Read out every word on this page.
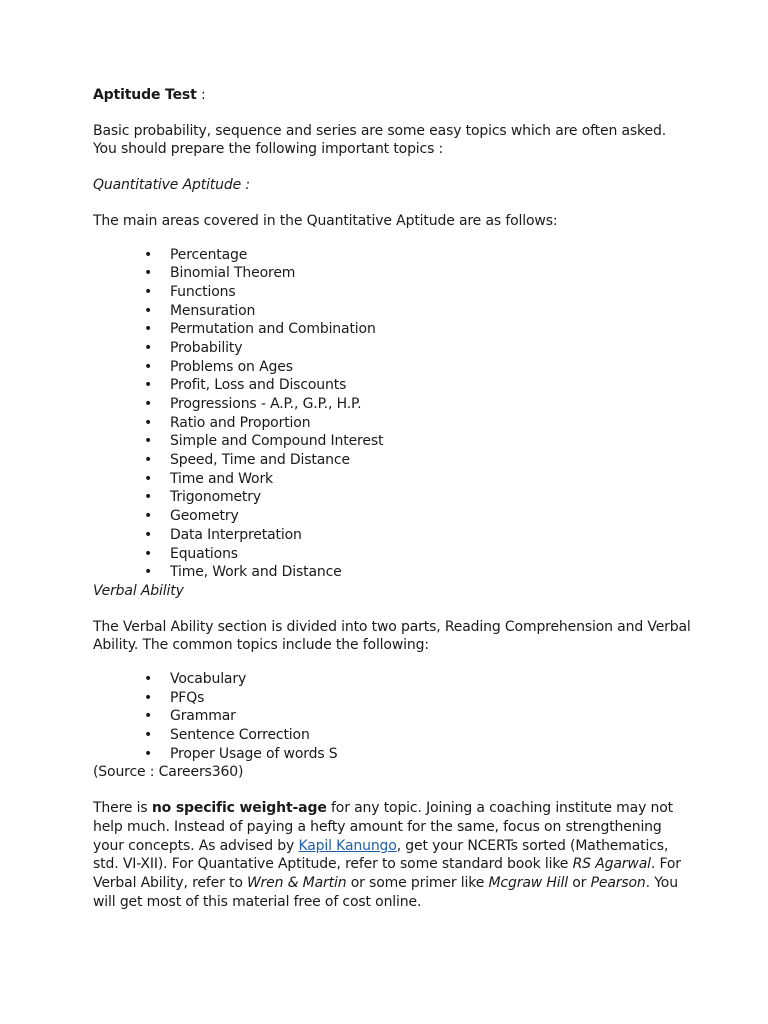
Aptitude Test :

Basic probability, sequence and series are some easy topics which are often asked. You should prepare the following important topics :

Quantitative Aptitude :

The main areas covered in the Quantitative Aptitude are as follows:

• Percentage
• Binomial Theorem
• Functions
• Mensuration
• Permutation and Combination
• Probability
• Problems on Ages
• Profit, Loss and Discounts
• Progressions - A.P., G.P., H.P.
• Ratio and Proportion
• Simple and Compound Interest
• Speed, Time and Distance
• Time and Work
• Trigonometry
• Geometry
• Data Interpretation
• Equations
• Time, Work and Distance

Verbal Ability

The Verbal Ability section is divided into two parts, Reading Comprehension and Verbal Ability. The common topics include the following:

• Vocabulary
• PFQs
• Grammar
• Sentence Correction
• Proper Usage of words S

(Source : Careers360)

There is no specific weight-age for any topic. Joining a coaching institute may not help much. Instead of paying a hefty amount for the same, focus on strengthening your concepts. As advised by Kapil Kanungo, get your NCERTs sorted (Mathematics, std. VI-XII). For Quantative Aptitude, refer to some standard book like RS Agarwal. For Verbal Ability, refer to Wren & Martin or some primer like Mcgraw Hill or Pearson. You will get most of this material free of cost online.
